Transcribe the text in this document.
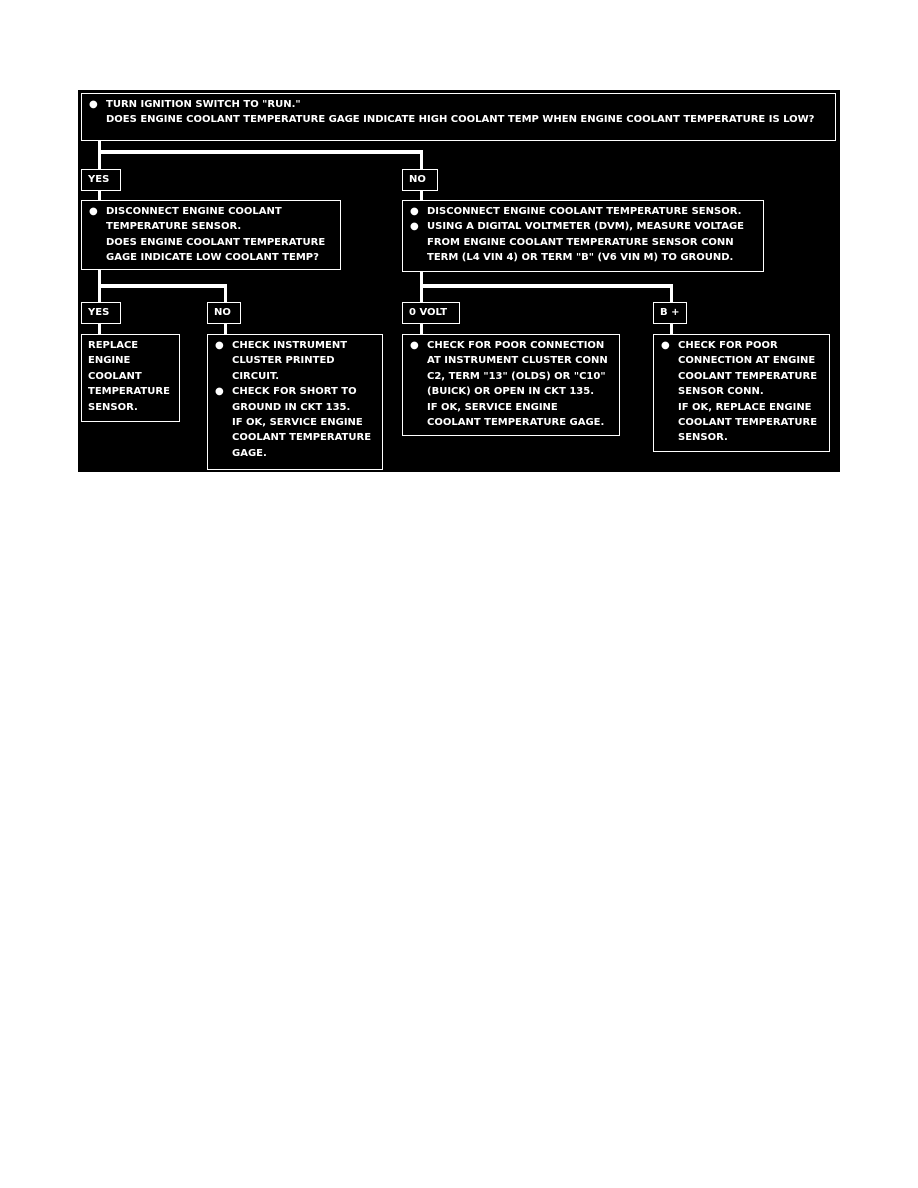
● TURN IGNITION SWITCH TO "RUN."
DOES ENGINE COOLANT TEMPERATURE GAGE INDICATE HIGH COOLANT TEMP WHEN ENGINE COOLANT TEMPERATURE IS LOW?
YES	NO
● DISCONNECT ENGINE COOLANT
TEMPERATURE SENSOR.
DOES ENGINE COOLANT TEMPERATURE
GAGE INDICATE LOW COOLANT TEMP?
● DISCONNECT ENGINE COOLANT TEMPERATURE SENSOR.
● USING A DIGITAL VOLTMETER (DVM), MEASURE VOLTAGE
FROM ENGINE COOLANT TEMPERATURE SENSOR CONN
TERM (L4 VIN 4) OR TERM "B" (V6 VIN M) TO GROUND.
YES	NO	0 VOLT	B +
REPLACE
ENGINE
COOLANT
TEMPERATURE
SENSOR.
● CHECK INSTRUMENT
CLUSTER PRINTED
CIRCUIT.
● CHECK FOR SHORT TO
GROUND IN CKT 135.
IF OK, SERVICE ENGINE
COOLANT TEMPERATURE
GAGE.
● CHECK FOR POOR CONNECTION
AT INSTRUMENT CLUSTER CONN
C2, TERM "13" (OLDS) OR "C10"
(BUICK) OR OPEN IN CKT 135.
IF OK, SERVICE ENGINE
COOLANT TEMPERATURE GAGE.
● CHECK FOR POOR
CONNECTION AT ENGINE
COOLANT TEMPERATURE
SENSOR CONN.
IF OK, REPLACE ENGINE
COOLANT TEMPERATURE
SENSOR.
